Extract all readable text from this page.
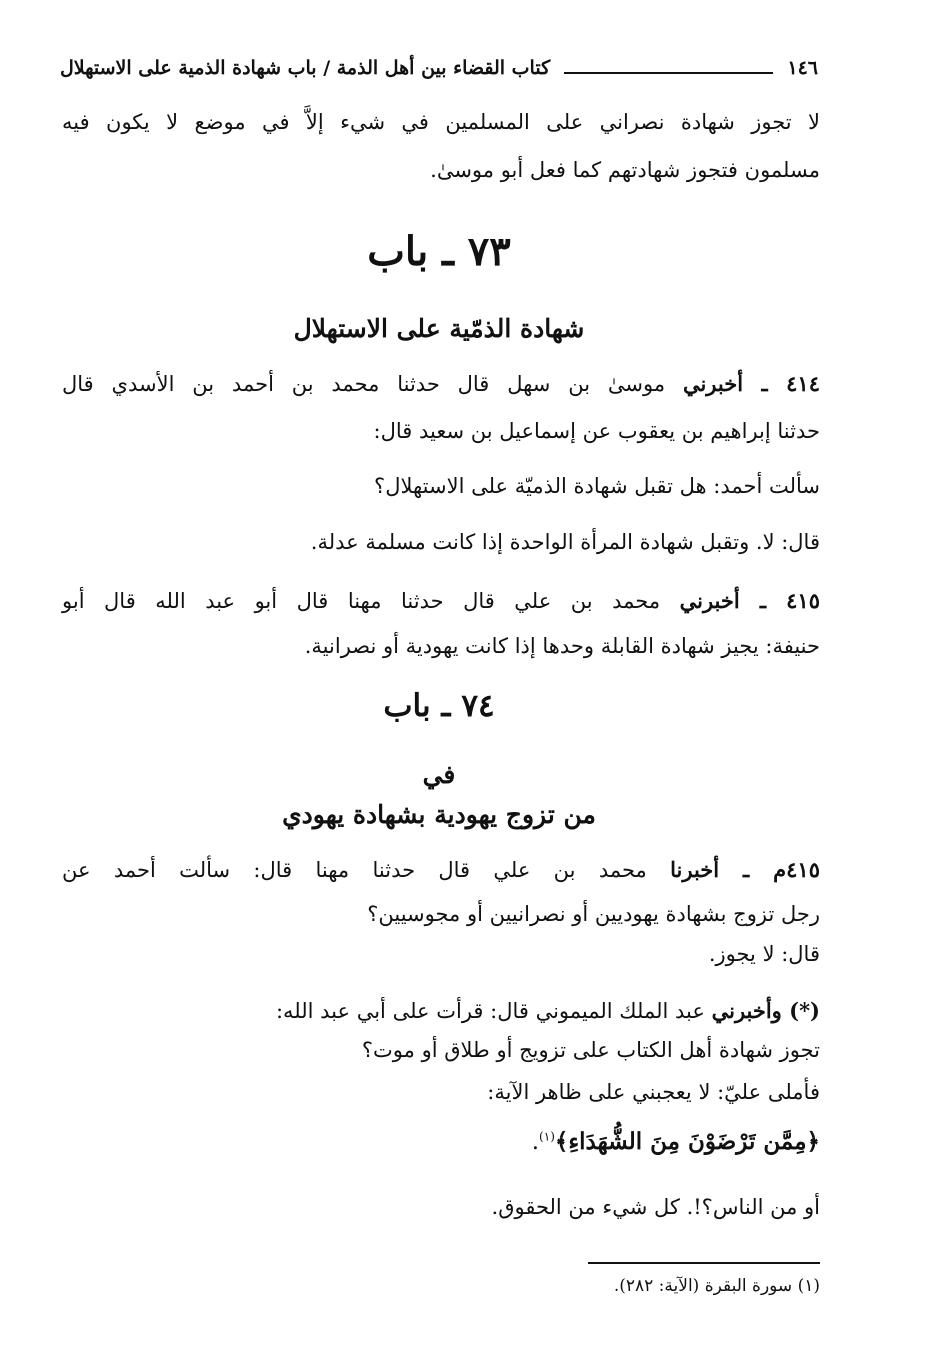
١٤٦
كتاب القضاء بين أهل الذمة / باب شهادة الذمية على الاستهلال
لا تجوز شهادة نصراني على المسلمين في شيء إلاَّ في موضع لا يكون فيه
مسلمون فتجوز شهادتهم كما فعل أبو موسىٰ.
٧٣ ـ باب
شهادة الذمّية على الاستهلال
٤١٤ ـ أخبرني موسىٰ بن سهل قال حدثنا محمد بن أحمد بن الأسدي قال
حدثنا إبراهيم بن يعقوب عن إسماعيل بن سعيد قال:
سألت أحمد: هل تقبل شهادة الذميّة على الاستهلال؟
قال: لا. وتقبل شهادة المرأة الواحدة إذا كانت مسلمة عدلة.
٤١٥ ـ أخبرني محمد بن علي قال حدثنا مهنا قال أبو عبد الله قال أبو
حنيفة: يجيز شهادة القابلة وحدها إذا كانت يهودية أو نصرانية.
٧٤ ـ باب
في
من تزوج يهودية بشهادة يهودي
٤١٥م ـ أخبرنا محمد بن علي قال حدثنا مهنا قال: سألت أحمد عن
رجل تزوج بشهادة يهوديين أو نصرانيين أو مجوسيين؟
قال: لا يجوز.
(*) وأخبرني عبد الملك الميموني قال: قرأت على أبي عبد الله:
تجوز شهادة أهل الكتاب على تزويج أو طلاق أو موت؟
فأملى عليّ: لا يعجبني على ظاهر الآية:
﴿مِمَّن تَرْضَوْنَ مِنَ الشُّهَدَاءِ﴾$^{(١)}$.
أو من الناس؟!. كل شيء من الحقوق.
(١) سورة البقرة (الآية: ٢٨٢).
